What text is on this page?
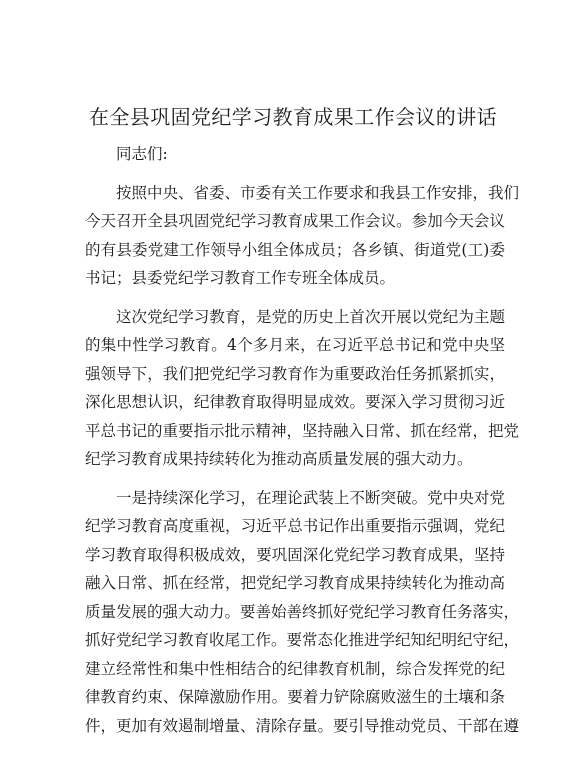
在全县巩固党纪学习教育成果工作会议的讲话
同志们:
按照中央、省委、市委有关工作要求和我县工作安排，我们
今天召开全县巩固党纪学习教育成果工作会议。参加今天会议
的有县委党建工作领导小组全体成员；各乡镇、街道党(工)委
书记；县委党纪学习教育工作专班全体成员。
这次党纪学习教育，是党的历史上首次开展以党纪为主题
的集中性学习教育。4个多月来，在习近平总书记和党中央坚
强领导下，我们把党纪学习教育作为重要政治任务抓紧抓实，
深化思想认识，纪律教育取得明显成效。要深入学习贯彻习近
平总书记的重要指示批示精神，坚持融入日常、抓在经常，把党
纪学习教育成果持续转化为推动高质量发展的强大动力。
一是持续深化学习，在理论武装上不断突破。党中央对党
纪学习教育高度重视，习近平总书记作出重要指示强调，党纪
学习教育取得积极成效，要巩固深化党纪学习教育成果，坚持
融入日常、抓在经常，把党纪学习教育成果持续转化为推动高
质量发展的强大动力。要善始善终抓好党纪学习教育任务落实，
抓好党纪学习教育收尾工作。要常态化推进学纪知纪明纪守纪，
建立经常性和集中性相结合的纪律教育机制，综合发挥党的纪
律教育约束、保障激励作用。要着力铲除腐败滋生的土壤和条
件，更加有效遏制增量、清除存量。要引导推动党员、干部在遵
